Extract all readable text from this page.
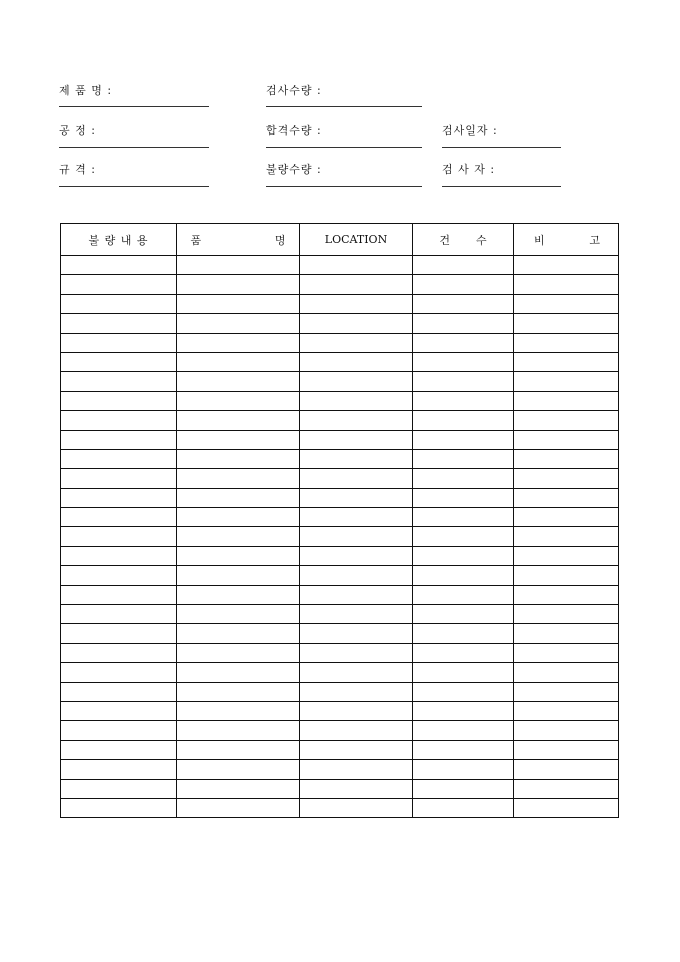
제 품 명 :	검사수량 :
공 정 :	합격수량 :	검사일자 :
규 격 :	불량수량 :	검 사 자 :
불 량 내 용	품 명	LOCATION	건 수	비 고
